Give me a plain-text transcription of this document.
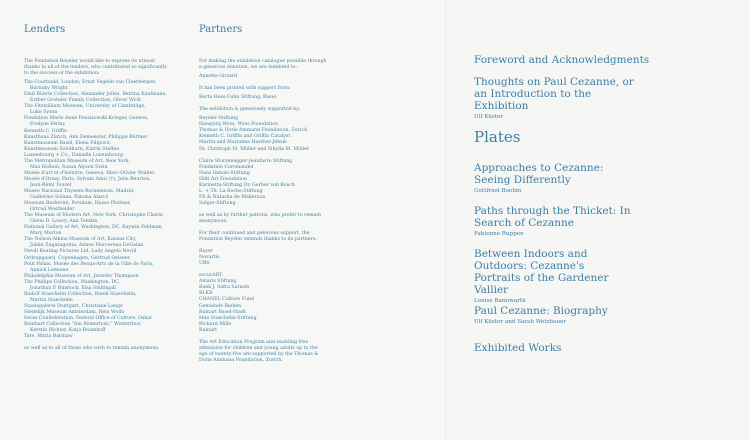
Lenders

The Fondation Beyeler would like to express its utmost thanks to all of the lenders, who contributed so significantly to the success of the exhibition:

The Courtauld, London, Ernst Vegelin van Claerbergen,

Barnaby Wright

Emil Bührle Collection, Alexander Jolles, Bettina Kaufmann,

Esther Greteler Family Collection, Oliver Wick

The Fitzwilliam Museum, University of Cambridge,

Luke Syson

Fondation Marie Anne Poniatowski Krieger, Geneva,

Evelyne Ferlay

Kenneth C. Griffin

Kunsthaus Zürich, Ann Demeester, Philippe Büttner

Kunstmuseum Basel, Elena Filipovic

Kunstmuseum Solothurn, Katrin Steffen

Luxembourg + Co., Danielle Luxembourg

The Metropolitan Museum of Art, New York,

Max Hollein, Susan Alyson Stein

Musée d'art et d'histoire, Geneva, Marc-Olivier Wahler

Musée d'Orsay, Paris, Sylvain Amic (†), Julie Beurton,

Jean-Rémi Touzet

Museo Nacional Thyssen-Bornemisza, Madrid,

Guillermo Solana, Paloma Alarcó

Museum Barberini, Potsdam, Hasso Plattner,

Ortrud Westheider

The Museum of Modern Art, New York, Christophe Cherix,

Glenn D. Lowry, Ann Temkin

National Gallery of Art, Washington, DC, Kaywin Feldman,

Mary Morton

The Nelson-Atkins Museum of Art, Kansas City,

Julián Zugazagoitia, Aimee Marcereau DeGalan

Nevill Keating Pictures Ltd, Lady Angela Nevill

Ordrupgaard, Copenhagen, Gertrud Oelsner

Petit Palais, Musée des Beaux-Arts de la Ville de Paris,

Annick Lemoine

Philadelphia Museum of Art, Jennifer Thompson

The Phillips Collection, Washington, DC,

Jonathan P. Binstock, Elsa Smithgall

Rudolf Staechelin Collection, Ruedi Staechelin,

Martin Staechelin

Staatsgalerie Stuttgart, Christiane Lange

Stedelijk Museum Amsterdam, Rein Wolfs

Swiss Confederation, Federal Office of Culture, Oskar

Reinhart Collection "Am Römerholz," Winterthur,

Kerstin Richter, Katja Baumhoff

Tate, Maria Balshaw

as well as to all of those who wish to remain anonymous.

Partners

For making the exhibition catalogue possible through a generous donation, we are indebted to:

Annette Girsard

It has been printed with support from:

Berta Hess-Cohn Stiftung, Basel

The exhibition is generously supported by:

Beyeler-Stiftung

Hansjörg Wyss, Wyss Foundation

Thomas & Doris Ammann Foundation, Zurich

Kenneth C. Griffin and Griffin Catalyst

Martin and Marianne Haefner-Jehsik

Dr. Christoph M. Müller and Sibylla M. Müller

Claire Sturzenegger-Jeanfavre Stiftung

Fondation Coromandel

Hans Imholz-Stiftung

Hilti Art Foundation

Karinetta-Stiftung Dr. Gerber von Bosch

L. + Th. La Roche-Stiftung

PX & Natasha de Malleraux

Sulger-Stiftung

as well as by further patrons, who prefer to remain anonymous.

For their continued and generous support, the Fondation Beyeler extends thanks to its partners:

Bayer

Novartis

UBS

accurART

Amaris Stiftung

Bank J. Safra Sarasin

BLKB

CHANEL Culture Fund

Gemeinde Riehen

Ruinart Basel-Stadt

Max Staechelin-Stiftung

Richard Mille

Ruinart

The Art Education Program and enabling free admission for children and young adults up to the age of twenty-five are supported by the Thomas & Doris Ammann Foundation, Zurich.

Foreword and Acknowledgments
Thoughts on Paul Cezanne, or an Introduction to the Exhibition
Ulf Küster
Plates
Approaches to Cezanne: Seeing Differently
Gottfried Boehm
Paths through the Thicket: In Search of Cezanne
Fabienne Ruppen
Between Indoors and Outdoors: Cezanne's Portraits of the Gardener Vallier
Louise Bannwarth
Paul Cezanne: Biography
Ulf Küster and Sarah Wetzbauer
Exhibited Works
